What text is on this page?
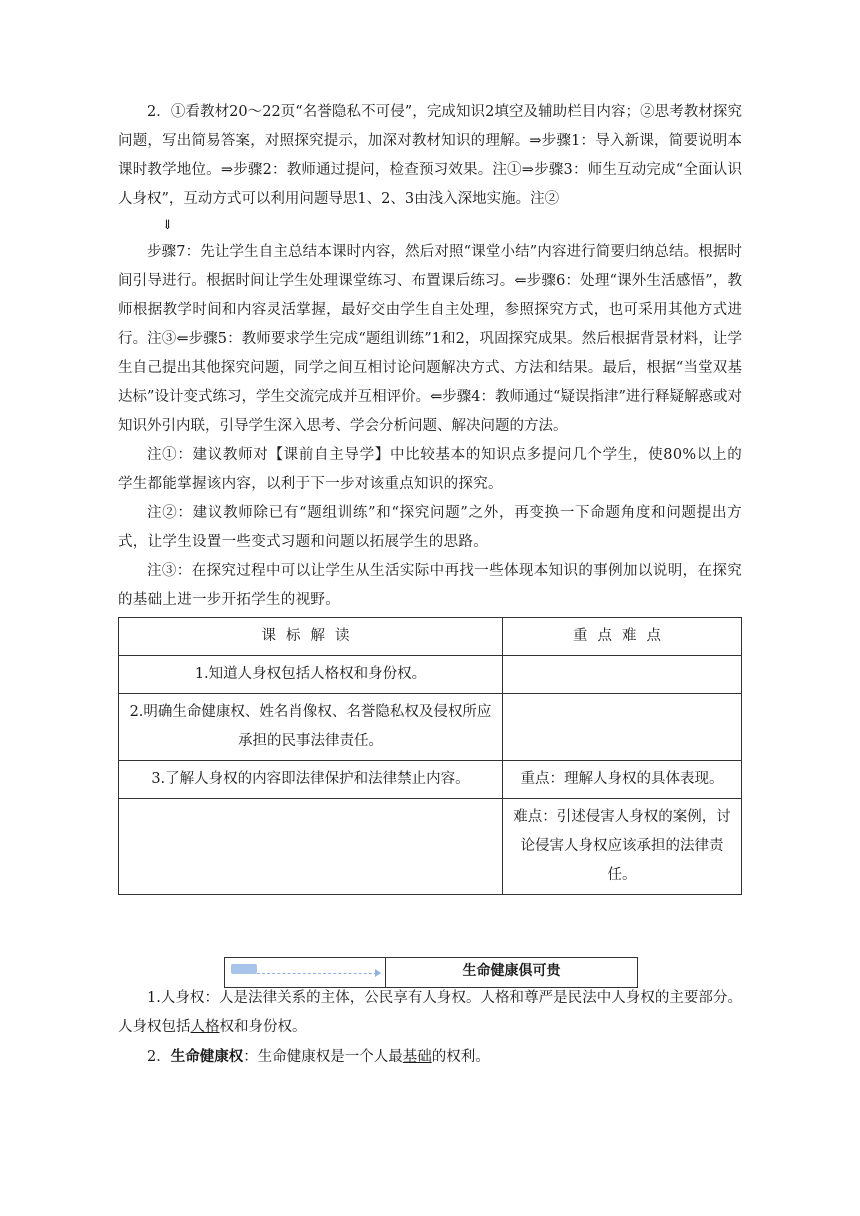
2．①看教材20～22页“名誉隐私不可侵”，完成知识2填空及辅助栏目内容；②思考教材探究问题，写出简易答案，对照探究提示，加深对教材知识的理解。⇒步骤1：导入新课，简要说明本课时教学地位。⇒步骤2：教师通过提问，检查预习效果。注①⇒步骤3：师生互动完成“全面认识人身权”，互动方式可以利用问题导思1、2、3由浅入深地实施。注②

⇓

步骤7：先让学生自主总结本课时内容，然后对照“课堂小结”内容进行简要归纳总结。根据时间引导进行。根据时间让学生处理课堂练习、布置课后练习。⇐步骤6：处理“课外生活感悟”，教师根据教学时间和内容灵活掌握，最好交由学生自主处理，参照探究方式，也可采用其他方式进行。注③⇐步骤5：教师要求学生完成“题组训练”1和2，巩固探究成果。然后根据背景材料，让学生自己提出其他探究问题，同学之间互相讨论问题解决方式、方法和结果。最后，根据“当堂双基达标”设计变式练习，学生交流完成并互相评价。⇐步骤4：教师通过“疑误指津”进行释疑解惑或对知识外引内联，引导学生深入思考、学会分析问题、解决问题的方法。

注①：建议教师对【课前自主导学】中比较基本的知识点多提问几个学生，使80%以上的学生都能掌握该内容，以利于下一步对该重点知识的探究。

注②：建议教师除已有“题组训练”和“探究问题”之外，再变换一下命题角度和问题提出方式，让学生设置一些变式习题和问题以拓展学生的思路。

注③：在探究过程中可以让学生从生活实际中再找一些体现本知识的事例加以说明，在探究的基础上进一步开拓学生的视野。

课标解读	重点难点
1.知道人身权包括人格权和身份权。	
2.明确生命健康权、姓名肖像权、名誉隐私权及侵权所应承担的民事法律责任。	
3.了解人身权的内容即法律保护和法律禁止内容。	重点：理解人身权的具体表现。
	难点：引述侵害人身权的案例，讨论侵害人身权应该承担的法律责任。
生命健康俱可贵

1.人身权：人是法律关系的主体，公民享有人身权。人格和尊严是民法中人身权的主要部分。人身权包括人格权和身份权。

2．生命健康权：生命健康权是一个人最基础的权利。
